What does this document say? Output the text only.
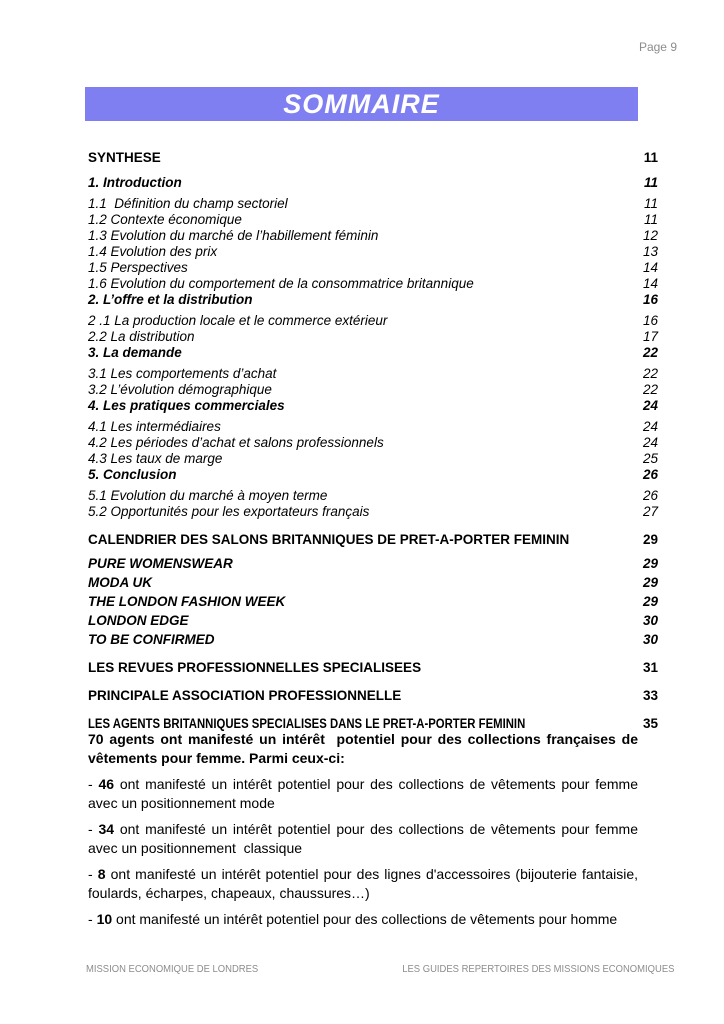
Page 9
SOMMAIRE
SYNTHESE	11
1. Introduction	11
1.1  Définition du champ sectoriel	11
1.2 Contexte économique	11
1.3 Evolution du marché de l’habillement féminin	12
1.4 Evolution des prix	13
1.5 Perspectives	14
1.6 Evolution du comportement de la consommatrice britannique	14
2. L’offre et la distribution	16
2 .1 La production locale et le commerce extérieur	16
2.2 La distribution	17
3. La demande	22
3.1 Les comportements d’achat	22
3.2 L’évolution démographique	22
4. Les pratiques commerciales	24
4.1 Les intermédiaires	24
4.2 Les périodes d’achat et salons professionnels	24
4.3 Les taux de marge	25
5. Conclusion	26
5.1 Evolution du marché à moyen terme	26
5.2 Opportunités pour les exportateurs français	27
CALENDRIER DES SALONS BRITANNIQUES DE PRET-A-PORTER FEMININ	29
PURE WOMENSWEAR	29
MODA UK	29
THE LONDON FASHION WEEK	29
LONDON EDGE	30
TO BE CONFIRMED	30
LES REVUES PROFESSIONNELLES SPECIALISEES	31
PRINCIPALE ASSOCIATION PROFESSIONNELLE	33
LES AGENTS BRITANNIQUES SPECIALISES DANS LE PRET-A-PORTER FEMININ	35

70 agents ont manifesté un intérêt  potentiel pour des collections françaises de vêtements pour femme. Parmi ceux-ci:

- 46 ont manifesté un intérêt potentiel pour des collections de vêtements pour femme avec un positionnement mode

- 34 ont manifesté un intérêt potentiel pour des collections de vêtements pour femme avec un positionnement  classique

- 8 ont manifesté un intérêt potentiel pour des lignes d'accessoires (bijouterie fantaisie, foulards, écharpes, chapeaux, chaussures…)

- 10 ont manifesté un intérêt potentiel pour des collections de vêtements pour homme

MISSION ECONOMIQUE DE LONDRES	LES GUIDES REPERTOIRES DES MISSIONS ECONOMIQUES
